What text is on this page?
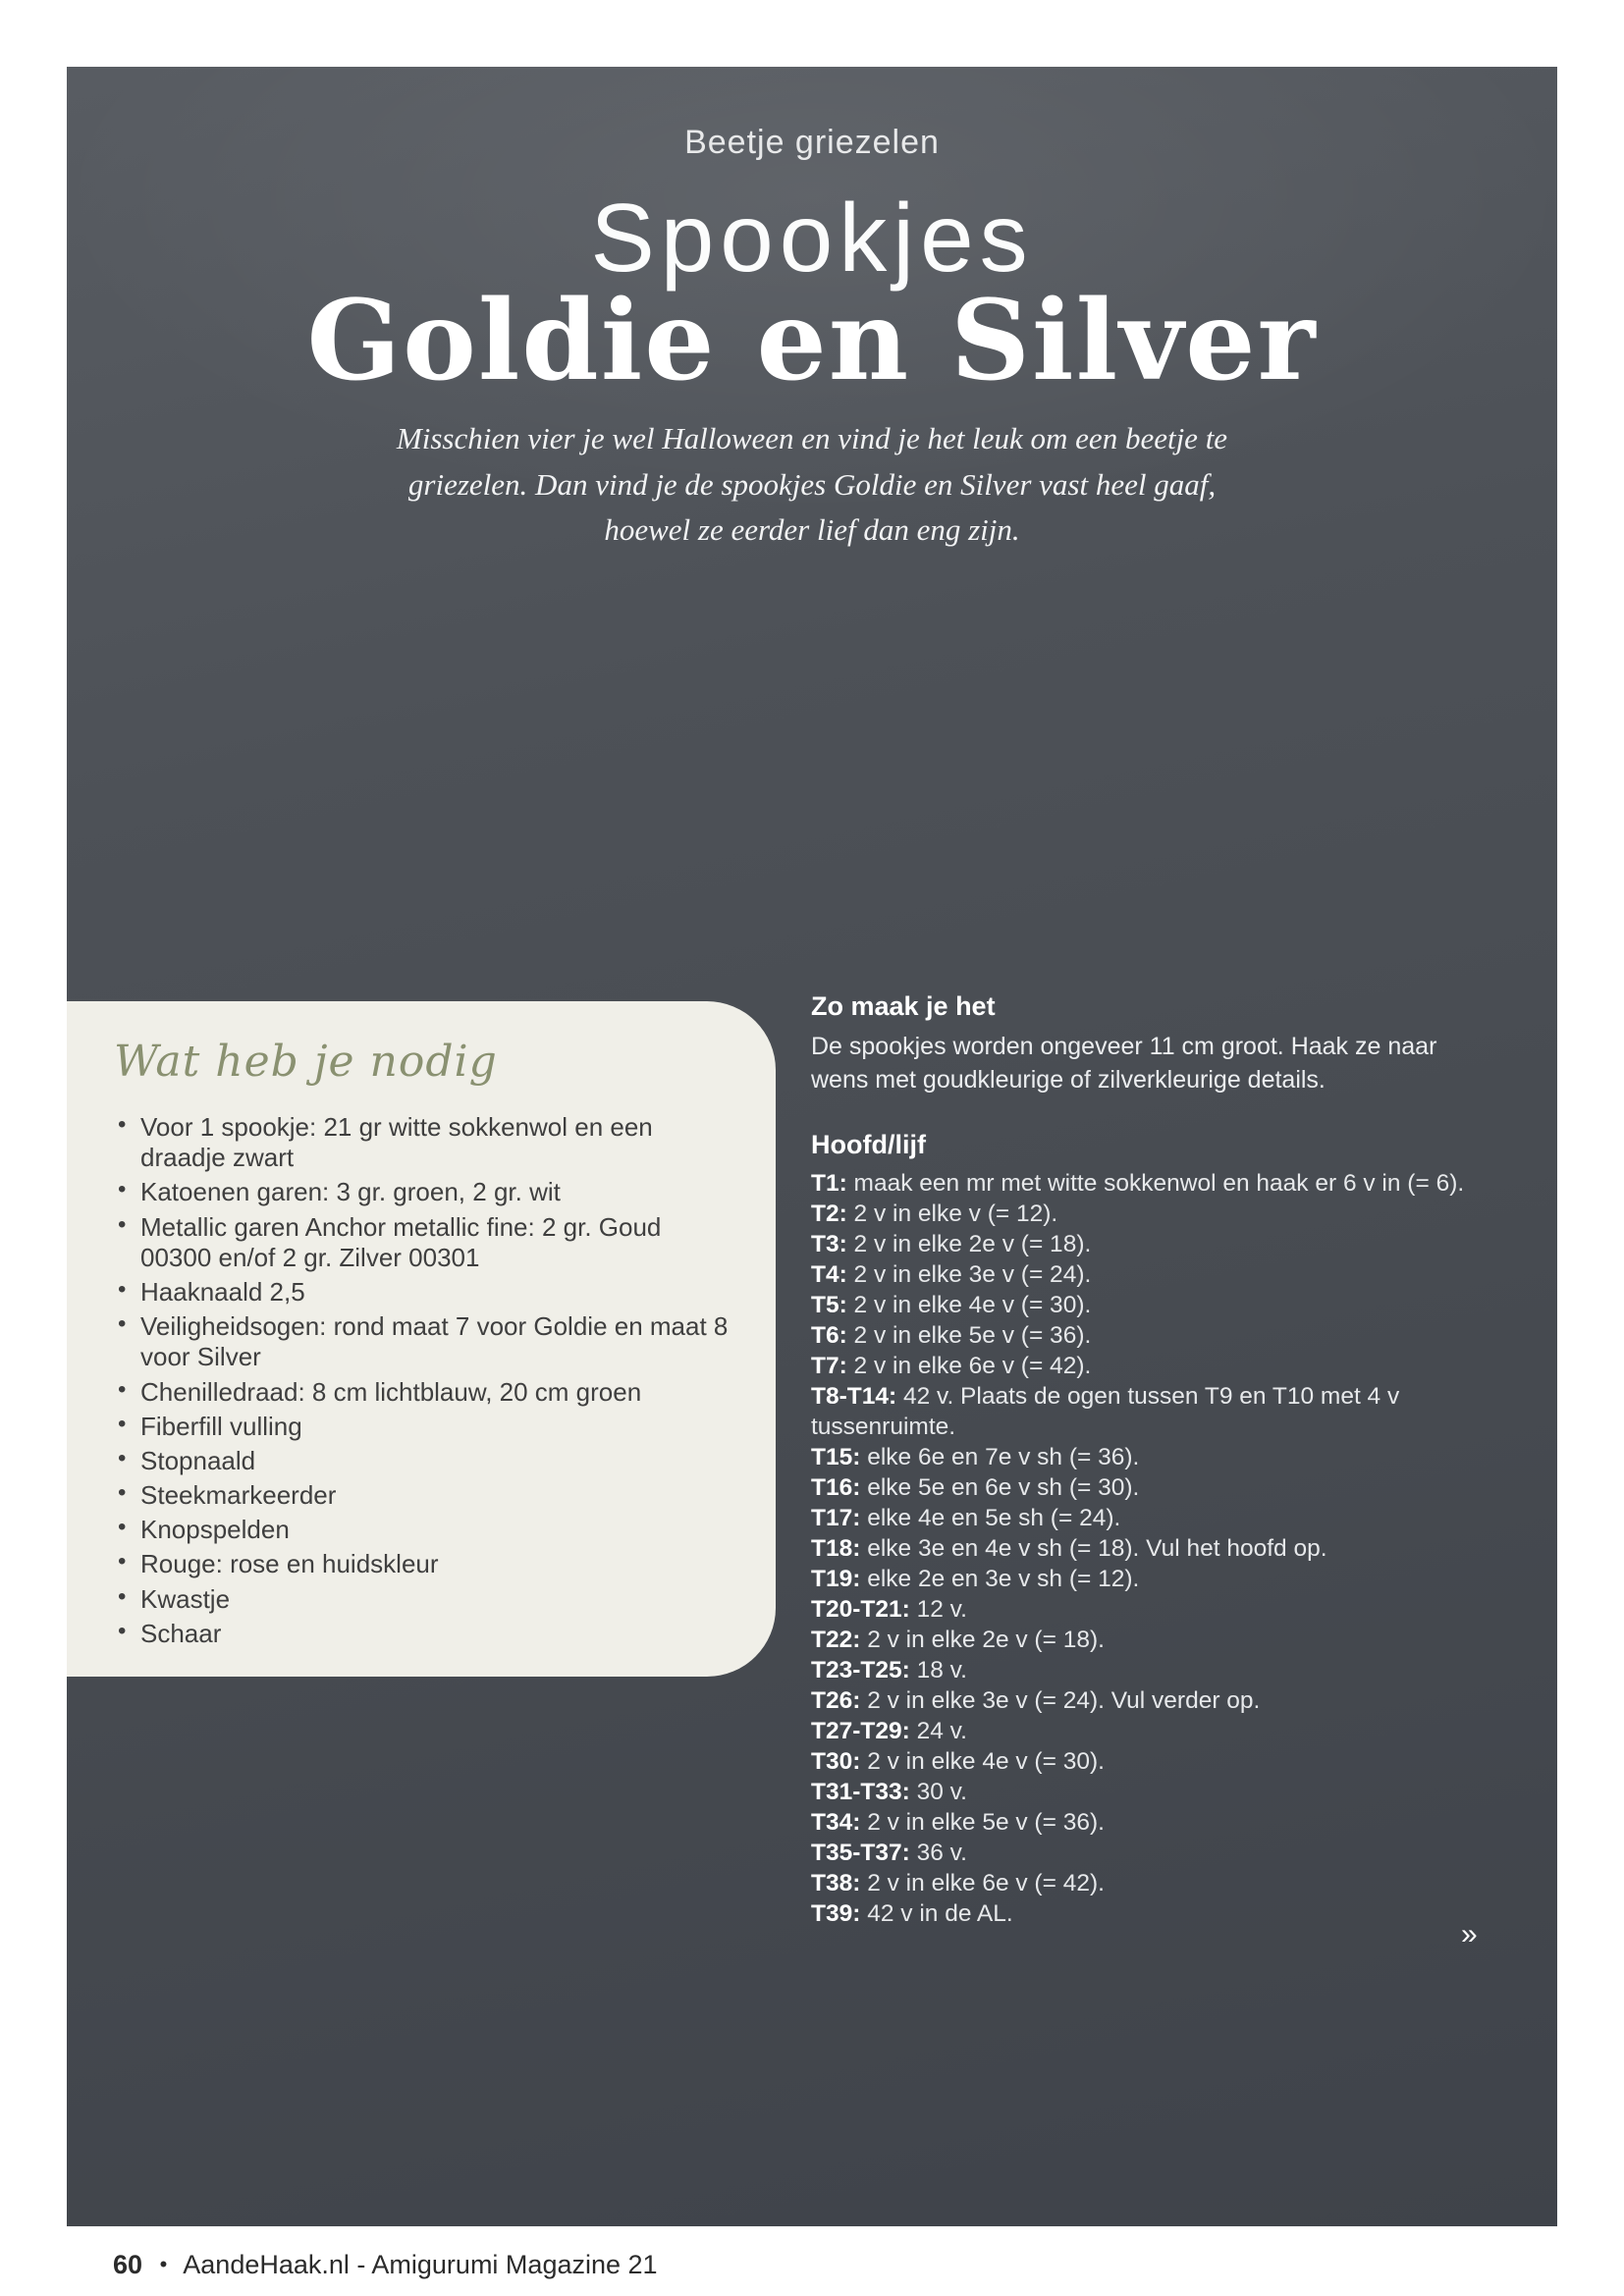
Beetje griezelen
Spookjes
Goldie en Silver

Misschien vier je wel Halloween en vind je het leuk om een beetje te griezelen. Dan vind je de spookjes Goldie en Silver vast heel gaaf, hoewel ze eerder lief dan eng zijn.

Wat heb je nodig
• Voor 1 spookje: 21 gr witte sokkenwol en een draadje zwart
• Katoenen garen: 3 gr. groen, 2 gr. wit
• Metallic garen Anchor metallic fine: 2 gr. Goud 00300 en/of 2 gr. Zilver 00301
• Haaknaald 2,5
• Veiligheidsogen: rond maat 7 voor Goldie en maat 8 voor Silver
• Chenilledraad: 8 cm lichtblauw, 20 cm groen
• Fiberfill vulling
• Stopnaald
• Steekmarkeerder
• Knopspelden
• Rouge: rose en huidskleur
• Kwastje
• Schaar
Zo maak je het

De spookjes worden ongeveer 11 cm groot. Haak ze naar wens met goudkleurige of zilverkleurige details.

Hoofd/lijf

T1: maak een mr met witte sokkenwol en haak er 6 v in (= 6).

T2: 2 v in elke v (= 12).

T3: 2 v in elke 2e v (= 18).

T4: 2 v in elke 3e v (= 24).

T5: 2 v in elke 4e v (= 30).

T6: 2 v in elke 5e v (= 36).

T7: 2 v in elke 6e v (= 42).

T8-T14: 42 v. Plaats de ogen tussen T9 en T10 met 4 v tussenruimte.

T15: elke 6e en 7e v sh (= 36).

T16: elke 5e en 6e v sh (= 30).

T17: elke 4e en 5e sh (= 24).

T18: elke 3e en 4e v sh (= 18). Vul het hoofd op.

T19: elke 2e en 3e v sh (= 12).

T20-T21: 12 v.

T22: 2 v in elke 2e v (= 18).

T23-T25: 18 v.

T26: 2 v in elke 3e v (= 24). Vul verder op.

T27-T29: 24 v.

T30: 2 v in elke 4e v (= 30).

T31-T33: 30 v.

T34: 2 v in elke 5e v (= 36).

T35-T37: 36 v.

T38: 2 v in elke 6e v (= 42).

T39: 42 v in de AL.

»
60 • AandeHaak.nl - Amigurumi Magazine 21
